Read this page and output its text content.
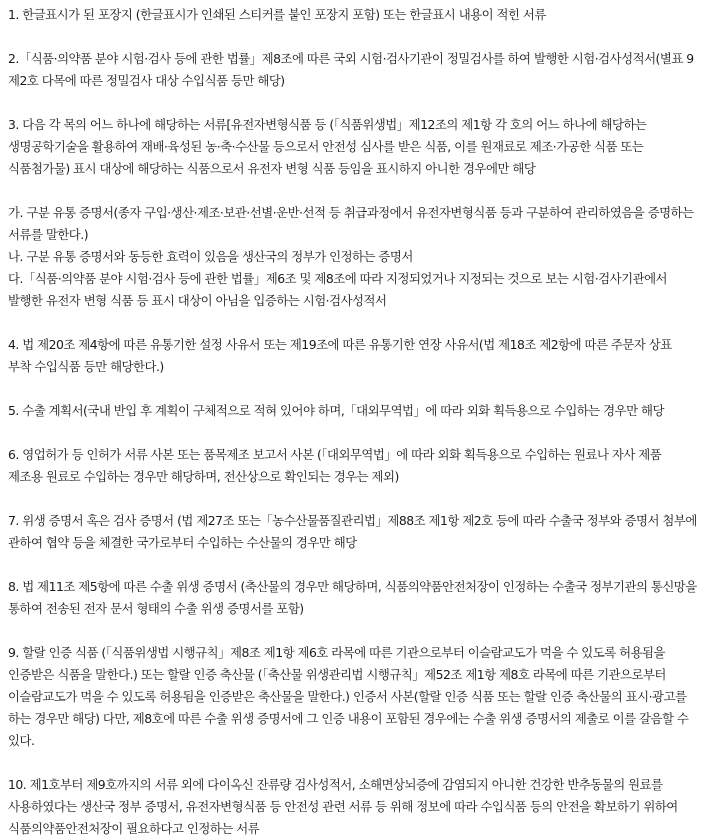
1. 한글표시가 된 포장지 (한글표시가 인쇄된 스티커를 붙인 포장지 포함) 또는 한글표시 내용이 적힌 서류

2.「식품·의약품 분야 시험·검사 등에 관한 법률」제8조에 따른 국외 시험·검사기관이 정밀검사를 하여 발행한 시험·검사성적서(별표 9 제2호 다목에 따른 정밀검사 대상 수입식품 등만 해당)

3. 다음 각 목의 어느 하나에 해당하는 서류[유전자변형식품 등 (「식품위생법」제12조의 제1항 각 호의 어느 하나에 해당하는 생명공학기술을 활용하여 재배·육성된 농·축·수산물 등으로서 안전성 심사를 받은 식품, 이를 원재료로 제조·가공한 식품 또는 식품첨가물) 표시 대상에 해당하는 식품으로서 유전자 변형 식품 등임을 표시하지 아니한 경우에만 해당

가. 구분 유통 증명서(종자 구입·생산·제조·보관·선별·운반·선적 등 취급과정에서 유전자변형식품 등과 구분하여 관리하였음을 증명하는 서류를 말한다.)

나. 구분 유통 증명서와 동등한 효력이 있음을 생산국의 정부가 인정하는 증명서

다.「식품·의약품 분야 시험·검사 등에 관한 법률」제6조 및 제8조에 따라 지정되었거나 지정되는 것으로 보는 시험·검사기관에서 발행한 유전자 변형 식품 등 표시 대상이 아님을 입증하는 시험·검사성적서

4. 법 제20조 제4항에 따른 유통기한 설정 사유서 또는 제19조에 따른 유통기한 연장 사유서(법 제18조 제2항에 따른 주문자 상표 부착 수입식품 등만 해당한다.)

5. 수출 계획서(국내 반입 후 계획이 구체적으로 적혀 있어야 하며,「대외무역법」에 따라 외화 획득용으로 수입하는 경우만 해당

6. 영업허가 등 인허가 서류 사본 또는 품목제조 보고서 사본 (「대외무역법」에 따라 외화 획득용으로 수입하는 원료나 자사 제품 제조용 원료로 수입하는 경우만 해당하며, 전산상으로 확인되는 경우는 제외)

7. 위생 증명서 혹은 검사 증명서 (법 제27조 또는「농수산물품질관리법」제88조 제1항 제2호 등에 따라 수출국 정부와 증명서 첨부에 관하여 협약 등을 체결한 국가로부터 수입하는 수산물의 경우만 해당

8. 법 제11조 제5항에 따른 수출 위생 증명서 (축산물의 경우만 해당하며, 식품의약품안전처장이 인정하는 수출국 정부기관의 통신망을 통하여 전송된 전자 문서 형태의 수출 위생 증명서를 포함)

9. 할랄 인증 식품 (「식품위생법 시행규칙」제8조 제1항 제6호 라목에 따른 기관으로부터 이슬람교도가 먹을 수 있도록 허용됨을 인증받은 식품을 말한다.) 또는 할랄 인증 축산물 (「축산물 위생관리법 시행규칙」제52조 제1항 제8호 라목에 따른 기관으로부터 이슬람교도가 먹을 수 있도록 허용됨을 인증받은 축산물을 말한다.) 인증서 사본(할랄 인증 식품 또는 할랄 인증 축산물의 표시·광고를 하는 경우만 해당) 다만, 제8호에 따른 수출 위생 증명서에 그 인증 내용이 포함된 경우에는 수출 위생 증명서의 제출로 이를 갈음할 수 있다.

10. 제1호부터 제9호까지의 서류 외에 다이옥신 잔류량 검사성적서, 소해면상뇌증에 감염되지 아니한 건강한 반추동물의 원료를 사용하였다는 생산국 정부 증명서, 유전자변형식품 등 안전성 관련 서류 등 위해 정보에 따라 수입식품 등의 안전을 확보하기 위하여 식품의약품안전처장이 필요하다고 인정하는 서류
